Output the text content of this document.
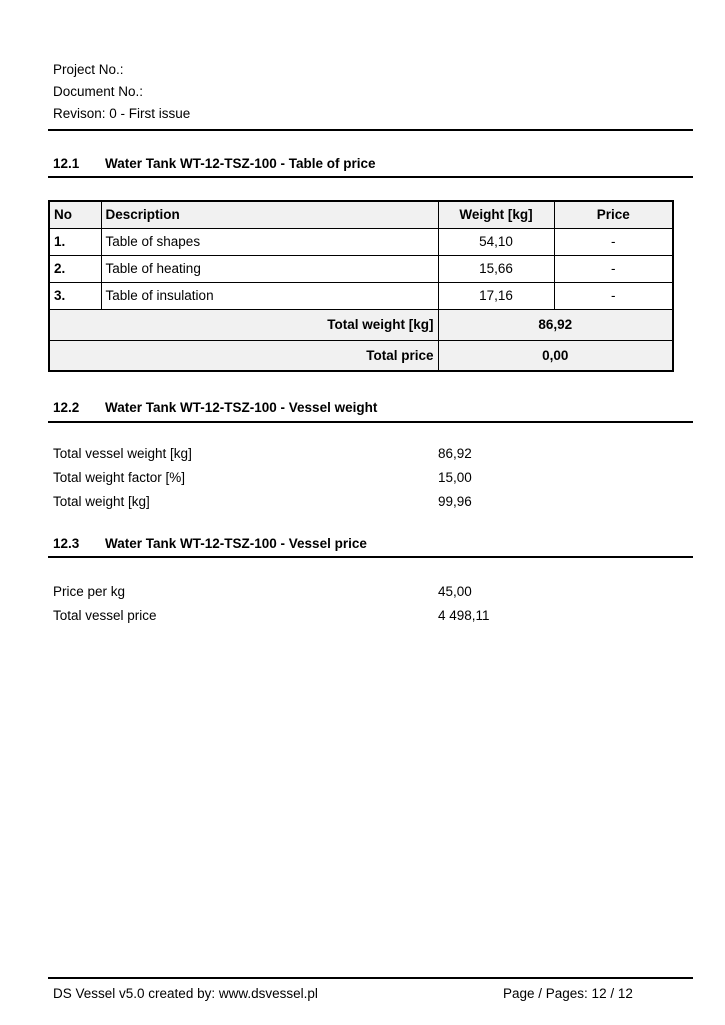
Project No.:
Document No.:
Revison: 0 - First issue
12.1 Water Tank WT-12-TSZ-100 - Table of price
No	Description	Weight [kg]	Price
1.	Table of shapes	54,10	-
2.	Table of heating	15,66	-
3.	Table of insulation	17,16	-
Total weight [kg]		86,92	
Total price		0,00	
12.2 Water Tank WT-12-TSZ-100 - Vessel weight
Total vessel weight [kg]	86,92
Total weight factor [%]	15,00
Total weight [kg]	99,96
12.3 Water Tank WT-12-TSZ-100 - Vessel price
Price per kg	45,00
Total vessel price	4 498,11
DS Vessel v5.0 created by: www.dsvessel.pl	Page / Pages: 12 / 12
